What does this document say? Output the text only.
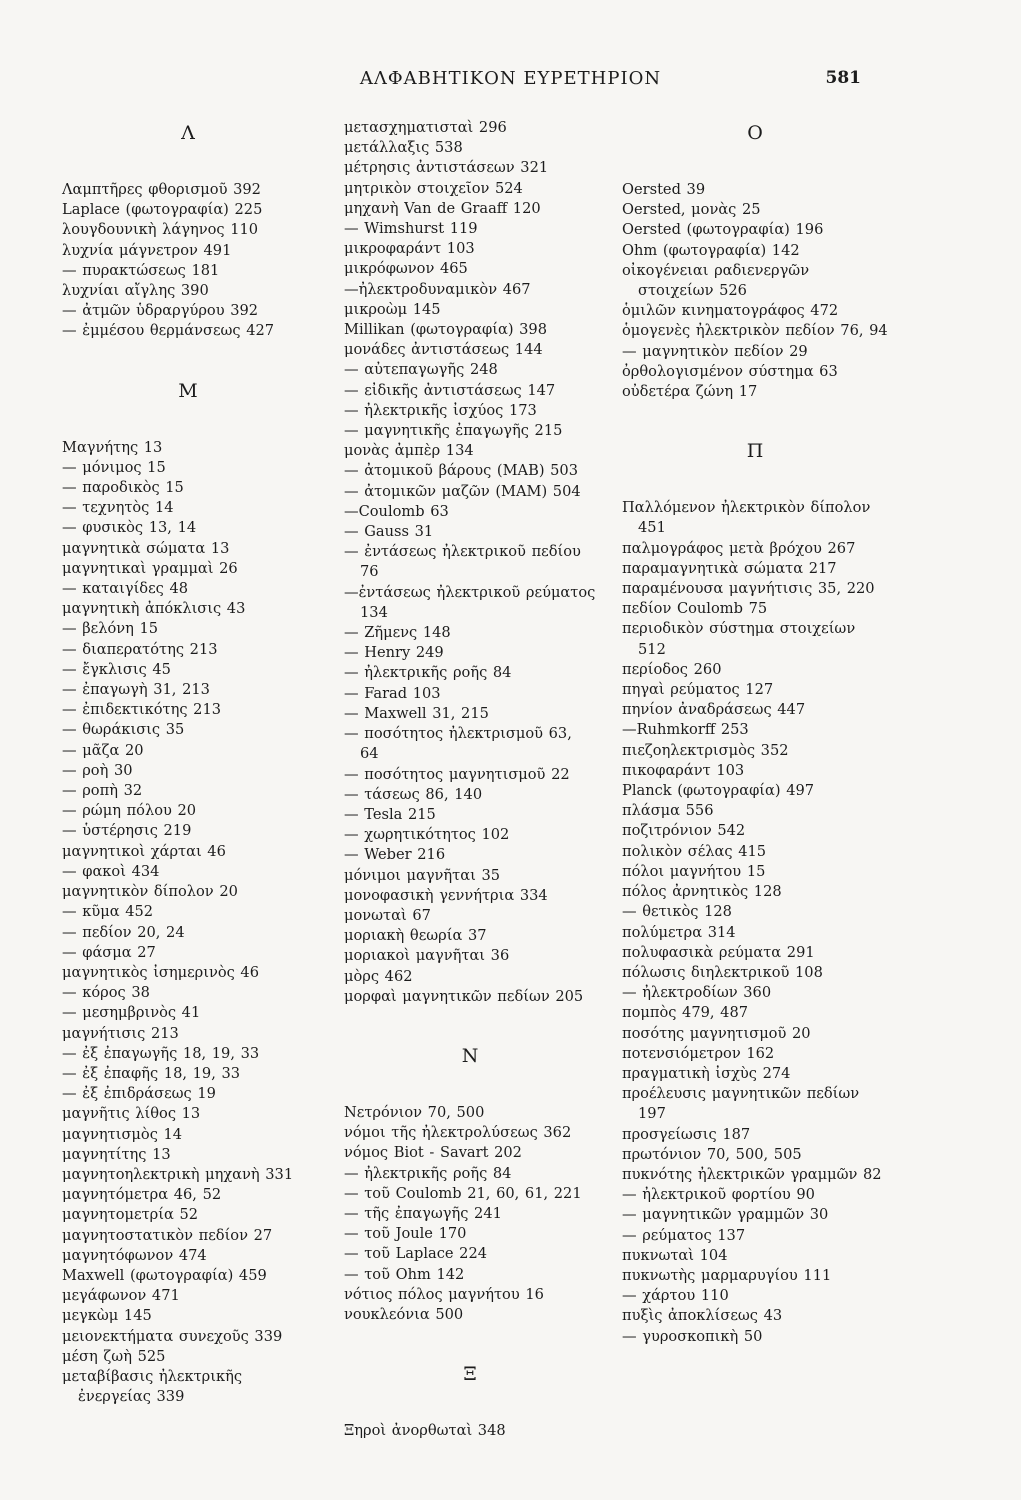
ΑΛΦΑΒΗΤΙΚΟΝ ΕΥΡΕΤΗΡΙΟΝ	581
Λ
Λαμπτῆρες φθορισμοῦ 392
Laplace (φωτογραφία) 225
λουγδουνικὴ λάγηνος 110
λυχνία μάγνετρον 491
— πυρακτώσεως 181
λυχνίαι αἴγλης 390
— ἀτμῶν ὑδραργύρου 392
— ἐμμέσου θερμάνσεως 427
Μ
Μαγνήτης 13
— μόνιμος 15
— παροδικὸς 15
— τεχνητὸς 14
— φυσικὸς 13, 14
μαγνητικὰ σώματα 13
μαγνητικαὶ γραμμαὶ 26
— καταιγίδες 48
μαγνητικὴ ἀπόκλισις 43
— βελόνη 15
— διαπερατότης 213
— ἔγκλισις 45
— ἐπαγωγὴ 31, 213
— ἐπιδεκτικότης 213
— θωράκισις 35
— μᾶζα 20
— ροὴ 30
— ροπὴ 32
— ρώμη πόλου 20
— ὑστέρησις 219
μαγνητικοὶ χάρται 46
— φακοὶ 434
μαγνητικὸν δίπολον 20
— κῦμα 452
— πεδίον 20, 24
— φάσμα 27
μαγνητικὸς ἰσημερινὸς 46
— κόρος 38
— μεσημβρινὸς 41
μαγνήτισις 213
— ἐξ ἐπαγωγῆς 18, 19, 33
— ἐξ ἐπαφῆς 18, 19, 33
— ἐξ ἐπιδράσεως 19
μαγνῆτις λίθος 13
μαγνητισμὸς 14
μαγνητίτης 13
μαγνητοηλεκτρικὴ μηχανὴ 331
μαγνητόμετρα 46, 52
μαγνητομετρία 52
μαγνητοστατικὸν πεδίον 27
μαγνητόφωνον 474
Maxwell (φωτογραφία) 459
μεγάφωνον 471
μεγκὼμ 145
μειονεκτήματα συνεχοῦς 339
μέση ζωὴ 525
μεταβίβασις ἠλεκτρικῆς ἐνεργείας 339
μετασχηματισταὶ 296
μετάλλαξις 538
μέτρησις ἀντιστάσεων 321
μητρικὸν στοιχεῖον 524
μηχανὴ Van de Graaff 120
— Wimshurst 119
μικροφαράντ 103
μικρόφωνον 465
—ἠλεκτροδυναμικὸν 467
μικροὼμ 145
Millikan (φωτογραφία) 398
μονάδες ἀντιστάσεως 144
— αὐτεπαγωγῆς 248
— εἰδικῆς ἀντιστάσεως 147
— ἠλεκτρικῆς ἰσχύος 173
— μαγνητικῆς ἐπαγωγῆς 215
μονὰς ἀμπὲρ 134
— ἀτομικοῦ βάρους (ΜΑΒ) 503
— ἀτομικῶν μαζῶν (ΜΑΜ) 504
—Coulomb 63
— Gauss 31
— ἐντάσεως ἠλεκτρικοῦ πεδίου 76
—ἐντάσεως ἠλεκτρικοῦ ρεύματος 134
— Ζῆμενς 148
— Henry 249
— ἠλεκτρικῆς ροῆς 84
— Farad 103
— Maxwell 31, 215
— ποσότητος ἠλεκτρισμοῦ 63, 64
— ποσότητος μαγνητισμοῦ 22
— τάσεως 86, 140
— Tesla 215
— χωρητικότητος 102
— Weber 216
μόνιμοι μαγνῆται 35
μονοφασικὴ γεννήτρια 334
μονωταὶ 67
μοριακὴ θεωρία 37
μοριακοὶ μαγνῆται 36
μὸρς 462
μορφαὶ μαγνητικῶν πεδίων 205
Ν
Νετρόνιον 70, 500
νόμοι τῆς ἠλεκτρολύσεως 362
νόμος Biot - Savart 202
— ἠλεκτρικῆς ροῆς 84
— τοῦ Coulomb 21, 60, 61, 221
— τῆς ἐπαγωγῆς 241
— τοῦ Joule 170
— τοῦ Laplace 224
— τοῦ Ohm 142
νότιος πόλος μαγνήτου 16
νουκλεόνια 500
Ξ
Ξηροὶ ἀνορθωταὶ 348
Ο
Oersted 39
Oersted, μονὰς 25
Oersted (φωτογραφία) 196
Ohm (φωτογραφία) 142
οἰκογένειαι ραδιενεργῶν στοιχείων 526
ὁμιλῶν κινηματογράφος 472
ὁμογενὲς ἠλεκτρικὸν πεδίον 76, 94
— μαγνητικὸν πεδίον 29
ὀρθολογισμένον σύστημα 63
οὐδετέρα ζώνη 17
Π
Παλλόμενον ἠλεκτρικὸν δίπολον 451
παλμογράφος μετὰ βρόχου 267
παραμαγνητικὰ σώματα 217
παραμένουσα μαγνήτισις 35, 220
πεδίον Coulomb 75
περιοδικὸν σύστημα στοιχείων 512
περίοδος 260
πηγαὶ ρεύματος 127
πηνίον ἀναδράσεως 447
—Ruhmkorff 253
πιεζοηλεκτρισμὸς 352
πικοφαράντ 103
Planck (φωτογραφία) 497
πλάσμα 556
ποζιτρόνιον 542
πολικὸν σέλας 415
πόλοι μαγνήτου 15
πόλος ἀρνητικὸς 128
— θετικὸς 128
πολύμετρα 314
πολυφασικὰ ρεύματα 291
πόλωσις διηλεκτρικοῦ 108
— ἠλεκτροδίων 360
πομπὸς 479, 487
ποσότης μαγνητισμοῦ 20
ποτενσιόμετρον 162
πραγματικὴ ἰσχὺς 274
προέλευσις μαγνητικῶν πεδίων 197
προσγείωσις 187
πρωτόνιον 70, 500, 505
πυκνότης ἠλεκτρικῶν γραμμῶν 82
— ἠλεκτρικοῦ φορτίου 90
— μαγνητικῶν γραμμῶν 30
— ρεύματος 137
πυκνωταὶ 104
πυκνωτὴς μαρμαρυγίου 111
— χάρτου 110
πυξὶς ἀποκλίσεως 43
— γυροσκοπικὴ 50
